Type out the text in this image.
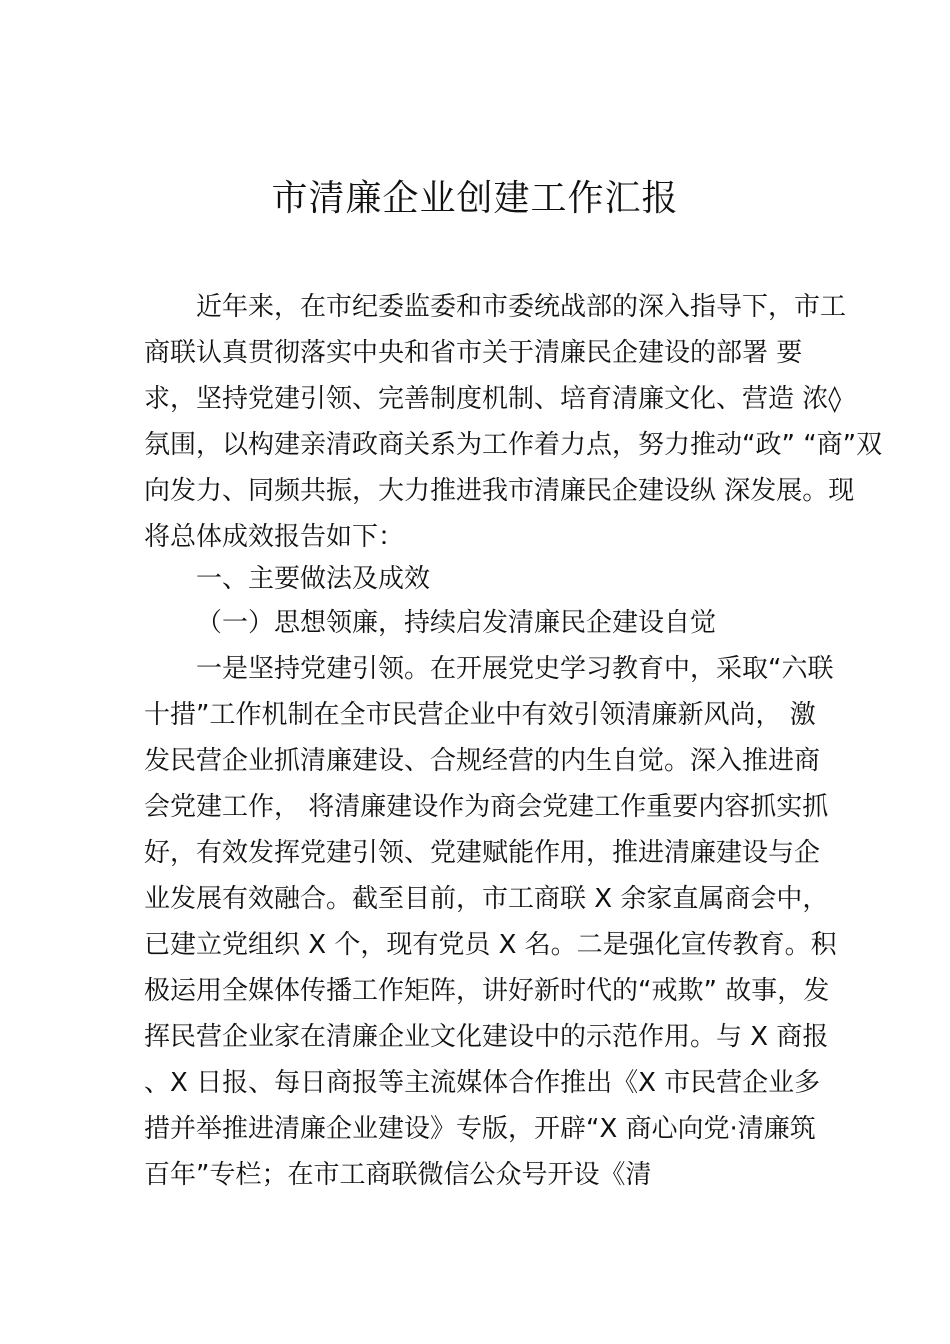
市清廉企业创建工作汇报
近年来，在市纪委监委和市委统战部的深入指导下，市工
商联认真贯彻落实中央和省市关于清廉民企建设的部署 要
求，坚持党建引领、完善制度机制、培育清廉文化、营造 浓◊
氛围，以构建亲清政商关系为工作着力点，努力推动“政” “商”双
向发力、同频共振，大力推进我市清廉民企建设纵 深发展。现
将总体成效报告如下：
一、主要做法及成效
（一）思想领廉，持续启发清廉民企建设自觉
一是坚持党建引领。在开展党史学习教育中，采取“六联
十措”工作机制在全市民营企业中有效引领清廉新风尚， 激
发民营企业抓清廉建设、合规经营的内生自觉。深入推进商
会党建工作， 将清廉建设作为商会党建工作重要内容抓实抓
好，有效发挥党建引领、党建赋能作用，推进清廉建设与企
业发展有效融合。截至目前，市工商联 X 余家直属商会中，
已建立党组织 X 个，现有党员 X 名。二是强化宣传教育。积
极运用全媒体传播工作矩阵，讲好新时代的“戒欺” 故事，发
挥民营企业家在清廉企业文化建设中的示范作用。与 X 商报
、X 日报、每日商报等主流媒体合作推出《X 市民营企业多
措并举推进清廉企业建设》专版，开辟“X 商心向党·清廉筑
百年”专栏；在市工商联微信公众号开设《清
